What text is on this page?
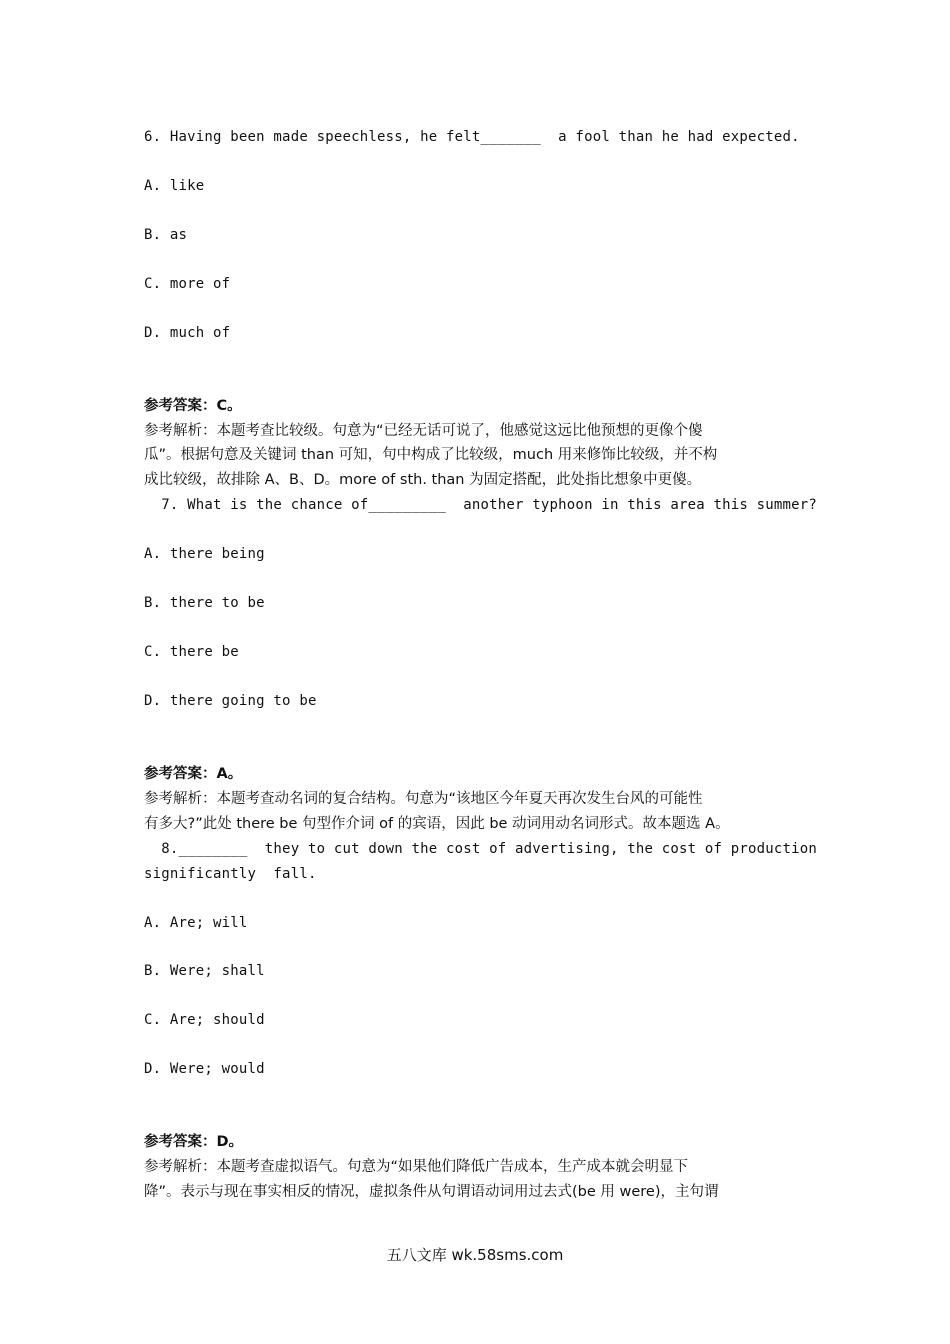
6. Having been made speechless, he felt_______  a fool than he had expected.
A. like
B. as
C. more of
D. much of
参考答案：C。
参考解析：本题考查比较级。句意为“已经无话可说了，他感觉这远比他预想的更像个傻
瓜”。根据句意及关键词 than 可知，句中构成了比较级，much 用来修饰比较级，并不构
成比较级，故排除 A、B、D。more of sth. than 为固定搭配，此处指比想象中更傻。
7. What is the chance of_________  another typhoon in this area this summer?
A. there being
B. there to be
C. there be
D. there going to be
参考答案：A。
参考解析：本题考查动名词的复合结构。句意为“该地区今年夏天再次发生台风的可能性
有多大?”此处 there be 句型作介词 of 的宾语，因此 be 动词用动名词形式。故本题选 A。
8.________  they to cut down the cost of advertising, the cost of production
significantly  fall.
A. Are; will
B. Were; shall
C. Are; should
D. Were; would
参考答案：D。
参考解析：本题考查虚拟语气。句意为“如果他们降低广告成本，生产成本就会明显下
降”。表示与现在事实相反的情况，虚拟条件从句谓语动词用过去式(be 用 were)，主句谓
五八文库 wk.58sms.com
